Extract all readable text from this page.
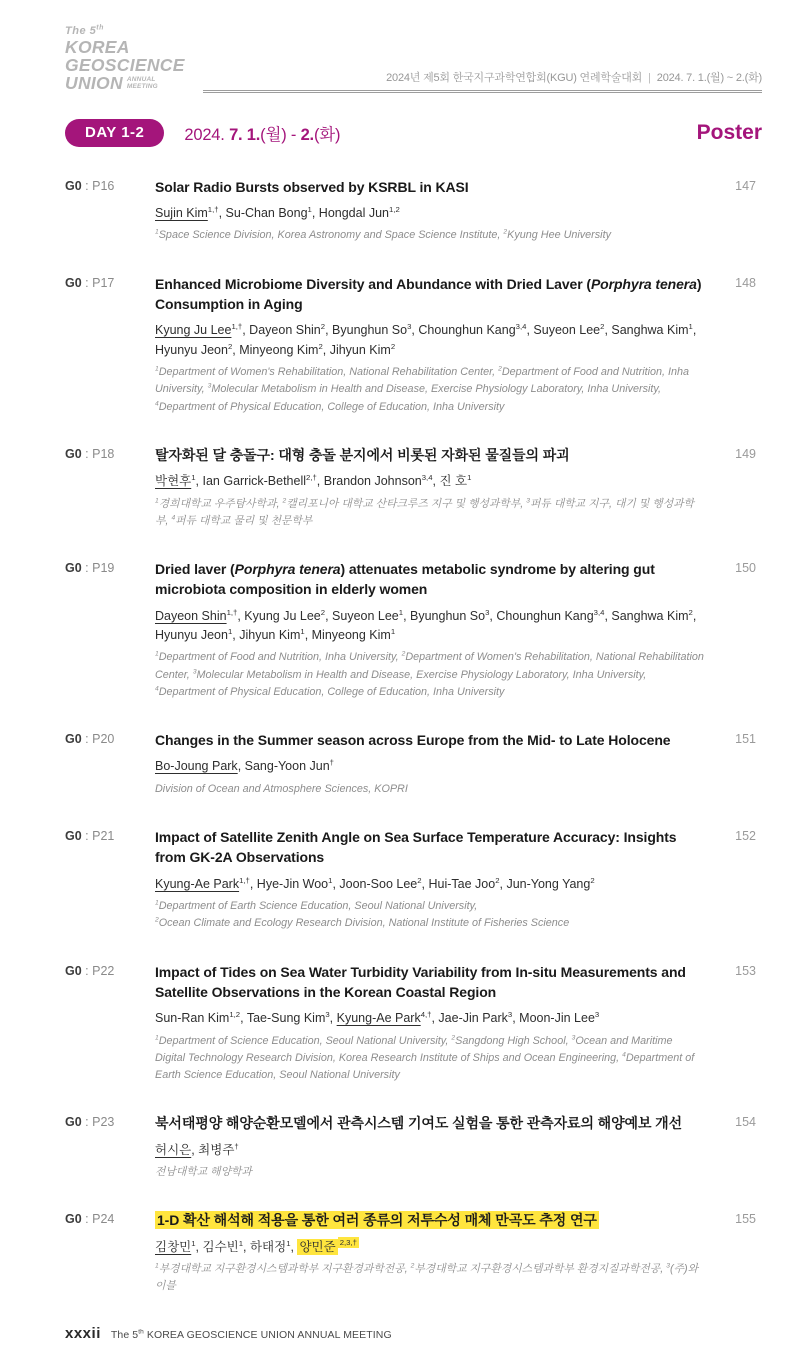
The 5th
KOREA
GEOSCIENCE
UNION ANNUAL
MEETING
2024년 제5회 한국지구과학연합회(KGU) 연례학술대회 | 2024. 7. 1.(월) ~ 2.(화)
DAY 1-2	2024. 7. 1.(월) - 2.(화)	Poster
G0 : P16	Solar Radio Bursts observed by KSRBL in KASI

Sujin Kim$^{1,\dagger}$, Su-Chan Bong$^1$, Hongdal Jun$^{1,2}$

$^1$Space Science Division, Korea Astronomy and Space Science Institute, $^2$Kyung Hee University

147
G0 : P17	Enhanced Microbiome Diversity and Abundance with Dried Laver (Porphyra tenera) Consumption in Aging

Kyung Ju Lee$^{1,\dagger}$, Dayeon Shin$^2$, Byunghun So$^3$, Chounghun Kang$^{3,4}$, Suyeon Lee$^2$, Sanghwa Kim$^1$, Hyunyu Jeon$^2$, Minyeong Kim$^2$, Jihyun Kim$^2$

$^1$Department of Women's Rehabilitation, National Rehabilitation Center, $^2$Department of Food and Nutrition, Inha University, $^3$Molecular Metabolism in Health and Disease, Exercise Physiology Laboratory, Inha University, $^4$Department of Physical Education, College of Education, Inha University

148
G0 : P18	탈자화된 달 충돌구: 대형 충돌 분지에서 비롯된 자화된 물질들의 파괴

박현후$^1$, Ian Garrick-Bethell$^{2,\dagger}$, Brandon Johnson$^{3,4}$, 진 호$^1$

$^1$경희대학교 우주탐사학과, $^2$캘리포니아 대학교 산타크루즈 지구 및 행성과학부, $^3$퍼듀 대학교 지구, 대기 및 행성과학부, $^4$퍼듀 대학교 물리 및 천문학부

149
G0 : P19	Dried laver (Porphyra tenera) attenuates metabolic syndrome by altering gut microbiota composition in elderly women

Dayeon Shin$^{1,\dagger}$, Kyung Ju Lee$^2$, Suyeon Lee$^1$, Byunghun So$^3$, Chounghun Kang$^{3,4}$, Sanghwa Kim$^2$, Hyunyu Jeon$^1$, Jihyun Kim$^1$, Minyeong Kim$^1$

$^1$Department of Food and Nutrition, Inha University, $^2$Department of Women's Rehabilitation, National Rehabilitation Center, $^3$Molecular Metabolism in Health and Disease, Exercise Physiology Laboratory, Inha University, $^4$Department of Physical Education, College of Education, Inha University

150
G0 : P20	Changes in the Summer season across Europe from the Mid- to Late Holocene

Bo-Joung Park, Sang-Yoon Jun†

Division of Ocean and Atmosphere Sciences, KOPRI

151
G0 : P21	Impact of Satellite Zenith Angle on Sea Surface Temperature Accuracy: Insights from GK-2A Observations

Kyung-Ae Park$^{1,\dagger}$, Hye-Jin Woo$^1$, Joon-Soo Lee$^2$, Hui-Tae Joo$^2$, Jun-Yong Yang$^2$

$^1$Department of Earth Science Education, Seoul National University,
$^2$Ocean Climate and Ecology Research Division, National Institute of Fisheries Science

152
G0 : P22	Impact of Tides on Sea Water Turbidity Variability from In-situ Measurements and Satellite Observations in the Korean Coastal Region

Sun-Ran Kim$^{1,2}$, Tae-Sung Kim$^3$, Kyung-Ae Park$^{4,\dagger}$, Jae-Jin Park$^3$, Moon-Jin Lee$^3$

$^1$Department of Science Education, Seoul National University, $^2$Sangdong High School, $^3$Ocean and Maritime Digital Technology Research Division, Korea Research Institute of Ships and Ocean Engineering, $^4$Department of Earth Science Education, Seoul National University

153
G0 : P23	북서태평양 해양순환모델에서 관측시스템 기여도 실험을 통한 관측자료의 해양예보 개선

허시은, 최병주†

전남대학교 해양학과

154
G0 : P24	1-D 확산 해석해 적용을 통한 여러 종류의 저투수성 매체 만곡도 추정 연구

김창민$^1$, 김수빈$^1$, 하태정$^1$, 양민준 $^{2,3,\dagger}$

$^1$부경대학교 지구환경시스템과학부 지구환경과학전공, $^2$부경대학교 지구환경시스템과학부 환경지질과학전공, $^3$(주)와이블

155
xxxii The 5th KOREA GEOSCIENCE UNION ANNUAL MEETING
